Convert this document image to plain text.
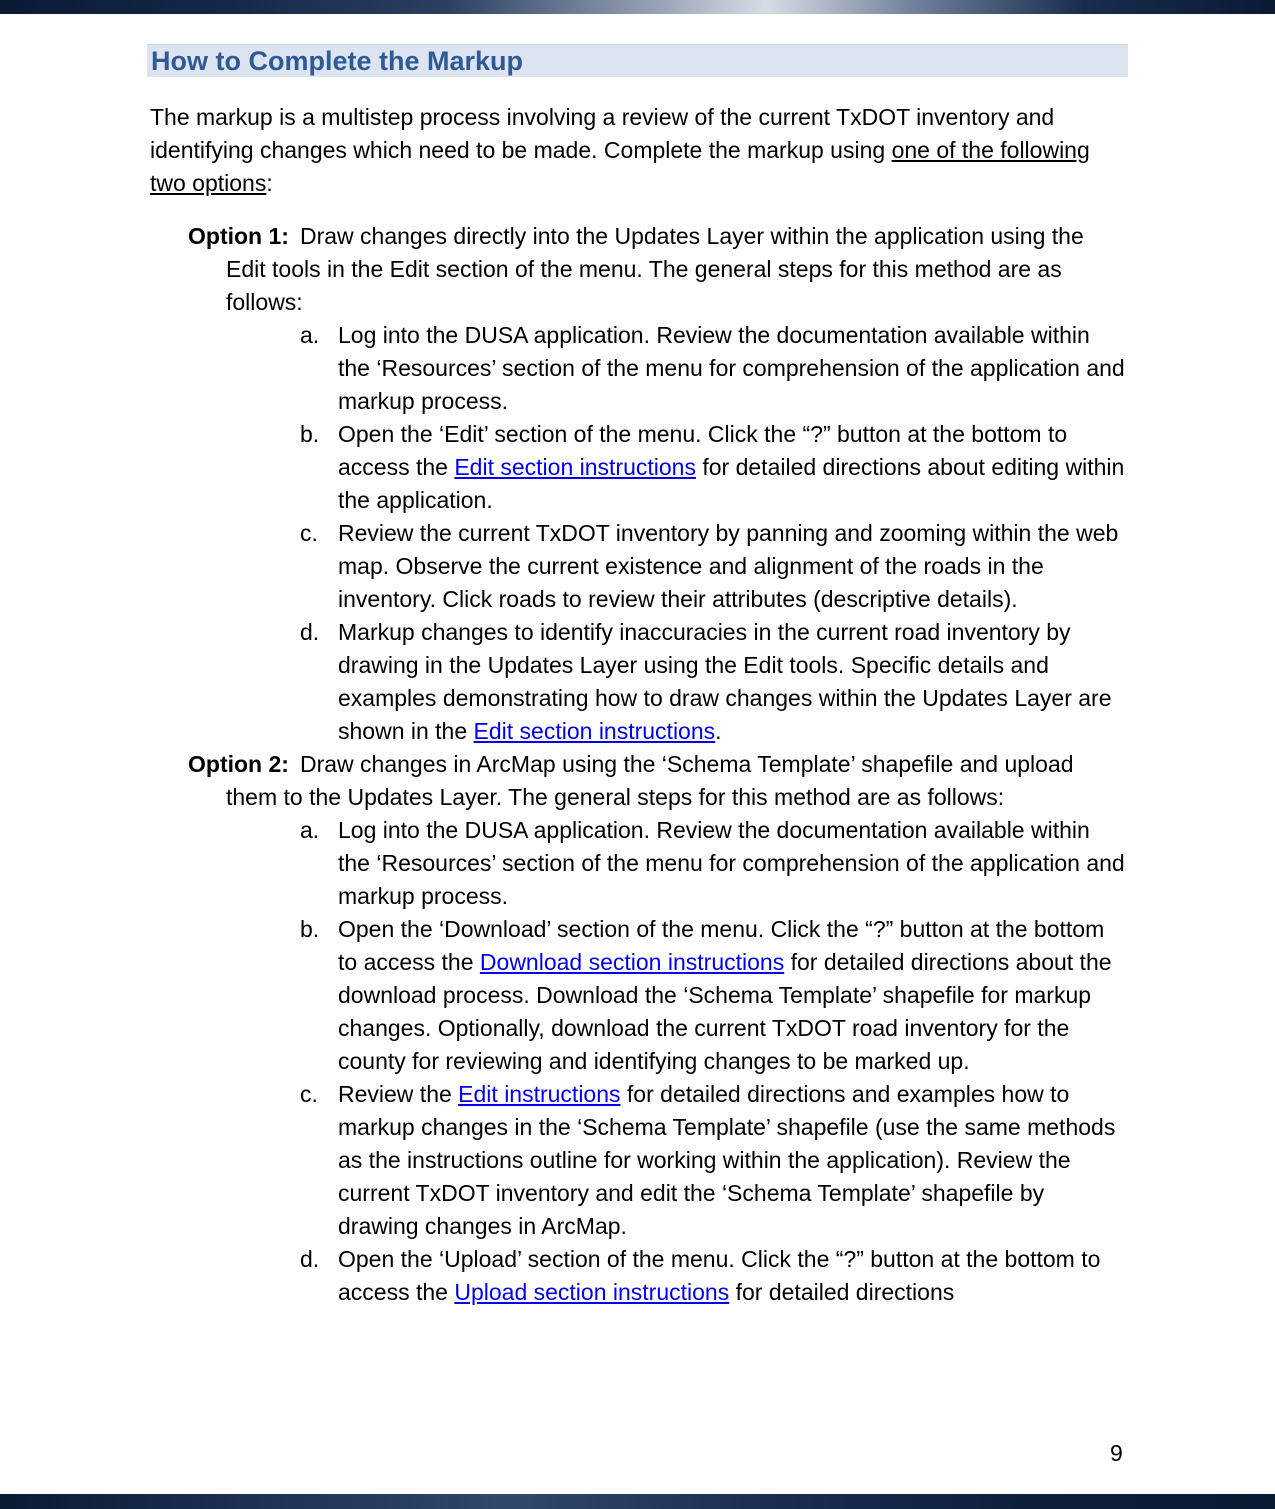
How to Complete the Markup

The markup is a multistep process involving a review of the current TxDOT inventory and identifying changes which need to be made. Complete the markup using one of the following two options:

Option 1: Draw changes directly into the Updates Layer within the application using the Edit tools in the Edit section of the menu. The general steps for this method are as follows:

a. Log into the DUSA application. Review the documentation available within the ‘Resources’ section of the menu for comprehension of the application and markup process.
b. Open the ‘Edit’ section of the menu. Click the “?” button at the bottom to access the Edit section instructions for detailed directions about editing within the application.
c. Review the current TxDOT inventory by panning and zooming within the web map. Observe the current existence and alignment of the roads in the inventory. Click roads to review their attributes (descriptive details).
d. Markup changes to identify inaccuracies in the current road inventory by drawing in the Updates Layer using the Edit tools. Specific details and examples demonstrating how to draw changes within the Updates Layer are shown in the Edit section instructions.

Option 2: Draw changes in ArcMap using the ‘Schema Template’ shapefile and upload them to the Updates Layer. The general steps for this method are as follows:

a. Log into the DUSA application. Review the documentation available within the ‘Resources’ section of the menu for comprehension of the application and markup process.
b. Open the ‘Download’ section of the menu. Click the “?” button at the bottom to access the Download section instructions for detailed directions about the download process. Download the ‘Schema Template’ shapefile for markup changes. Optionally, download the current TxDOT road inventory for the county for reviewing and identifying changes to be marked up.
c. Review the Edit instructions for detailed directions and examples how to markup changes in the ‘Schema Template’ shapefile (use the same methods as the instructions outline for working within the application). Review the current TxDOT inventory and edit the ‘Schema Template’ shapefile by drawing changes in ArcMap.
d. Open the ‘Upload’ section of the menu. Click the “?” button at the bottom to access the Upload section instructions for detailed directions
9
